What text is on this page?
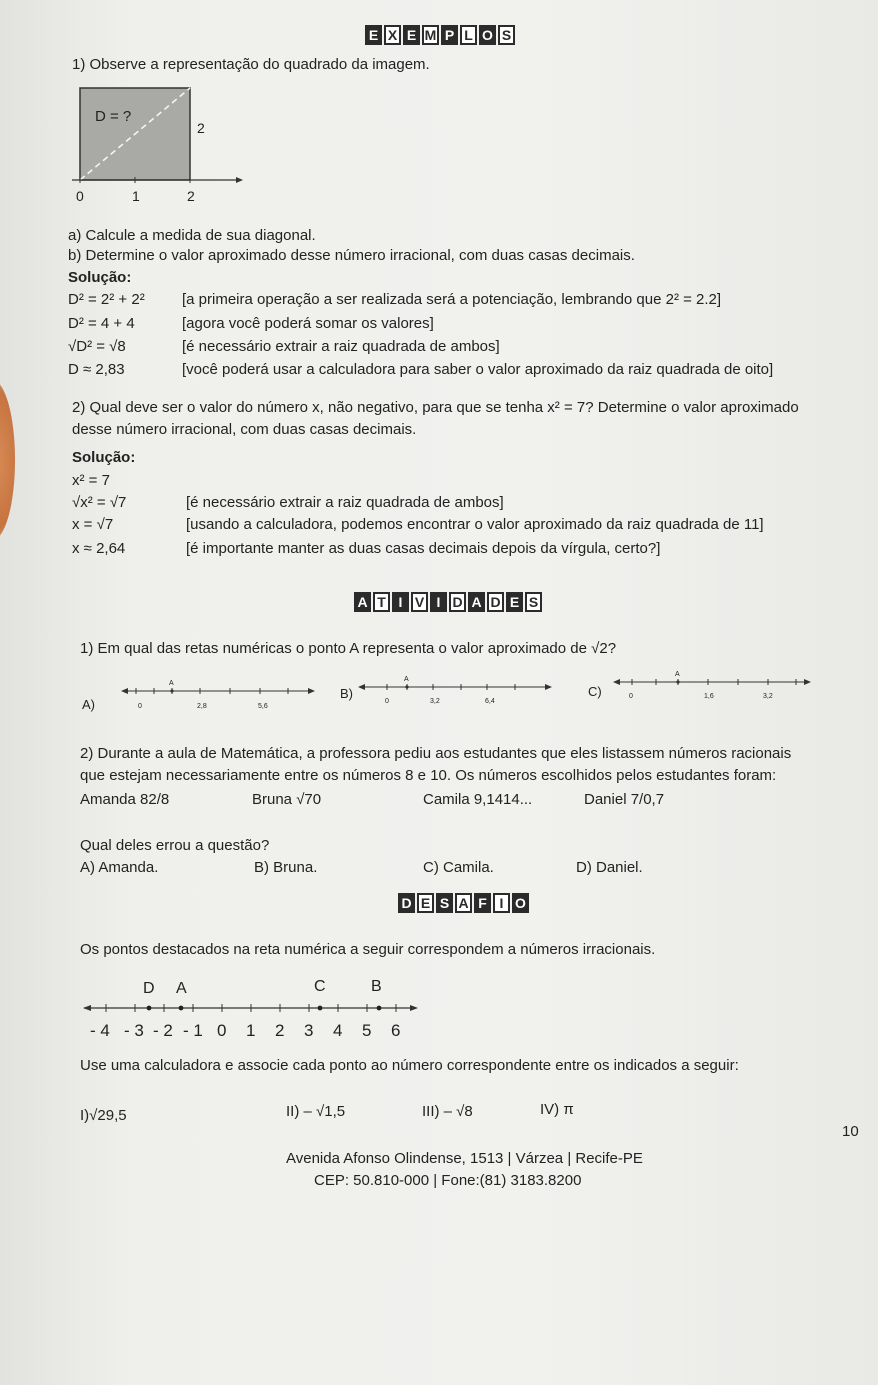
E X E M P L O S
1) Observe a representação do quadrado da imagem.
D = ?
2
0	1	2
a) Calcule a medida de sua diagonal.
b) Determine o valor aproximado desse número irracional, com duas casas decimais.
Solução:
D² = 2² + 2² [a primeira operação a ser realizada será a potenciação, lembrando que 2² = 2.2]
D² = 4 + 4	[agora você poderá somar os valores]
√D² = √8	[é necessário extrair a raiz quadrada de ambos]
D ≈ 2,83	[você poderá usar a calculadora para saber o valor aproximado da raiz quadrada de oito]
2) Qual deve ser o valor do número x, não negativo, para que se tenha x² = 7? Determine o valor aproximado
desse número irracional, com duas casas decimais.
Solução:
x² = 7
√x² = √7	[é necessário extrair a raiz quadrada de ambos]
x = √7	[usando a calculadora, podemos encontrar o valor aproximado da raiz quadrada de 11]
x ≈ 2,64	[é importante manter as duas casas decimais depois da vírgula, certo?]
A T I V I D A D E S
1) Em qual das retas numéricas o ponto A representa o valor aproximado de √2?
A)
A
0	2,8	5,6
B)
A
0	3,2	6,4
C)
A
0	1,6	3,2
2) Durante a aula de Matemática, a professora pediu aos estudantes que eles listassem números racionais
que estejam necessariamente entre os números 8 e 10. Os números escolhidos pelos estudantes foram:
Amanda 82/8	Bruna √70	Camila 9,1414...	Daniel 7/0,7
Qual deles errou a questão?
A) Amanda.	B) Bruna.	C) Camila.	D) Daniel.
D E S A F I O
Os pontos destacados na reta numérica a seguir correspondem a números irracionais.
D A	C	B
- 4 - 3 - 2 - 1 0 1 2 3 4 5 6
Use uma calculadora e associe cada ponto ao número correspondente entre os indicados a seguir:
I)√29,5	II) – √1,5	III) – √8	IV) π
10
Avenida Afonso Olindense, 1513 | Várzea | Recife-PE
CEP: 50.810-000 | Fone:(81) 3183.8200
